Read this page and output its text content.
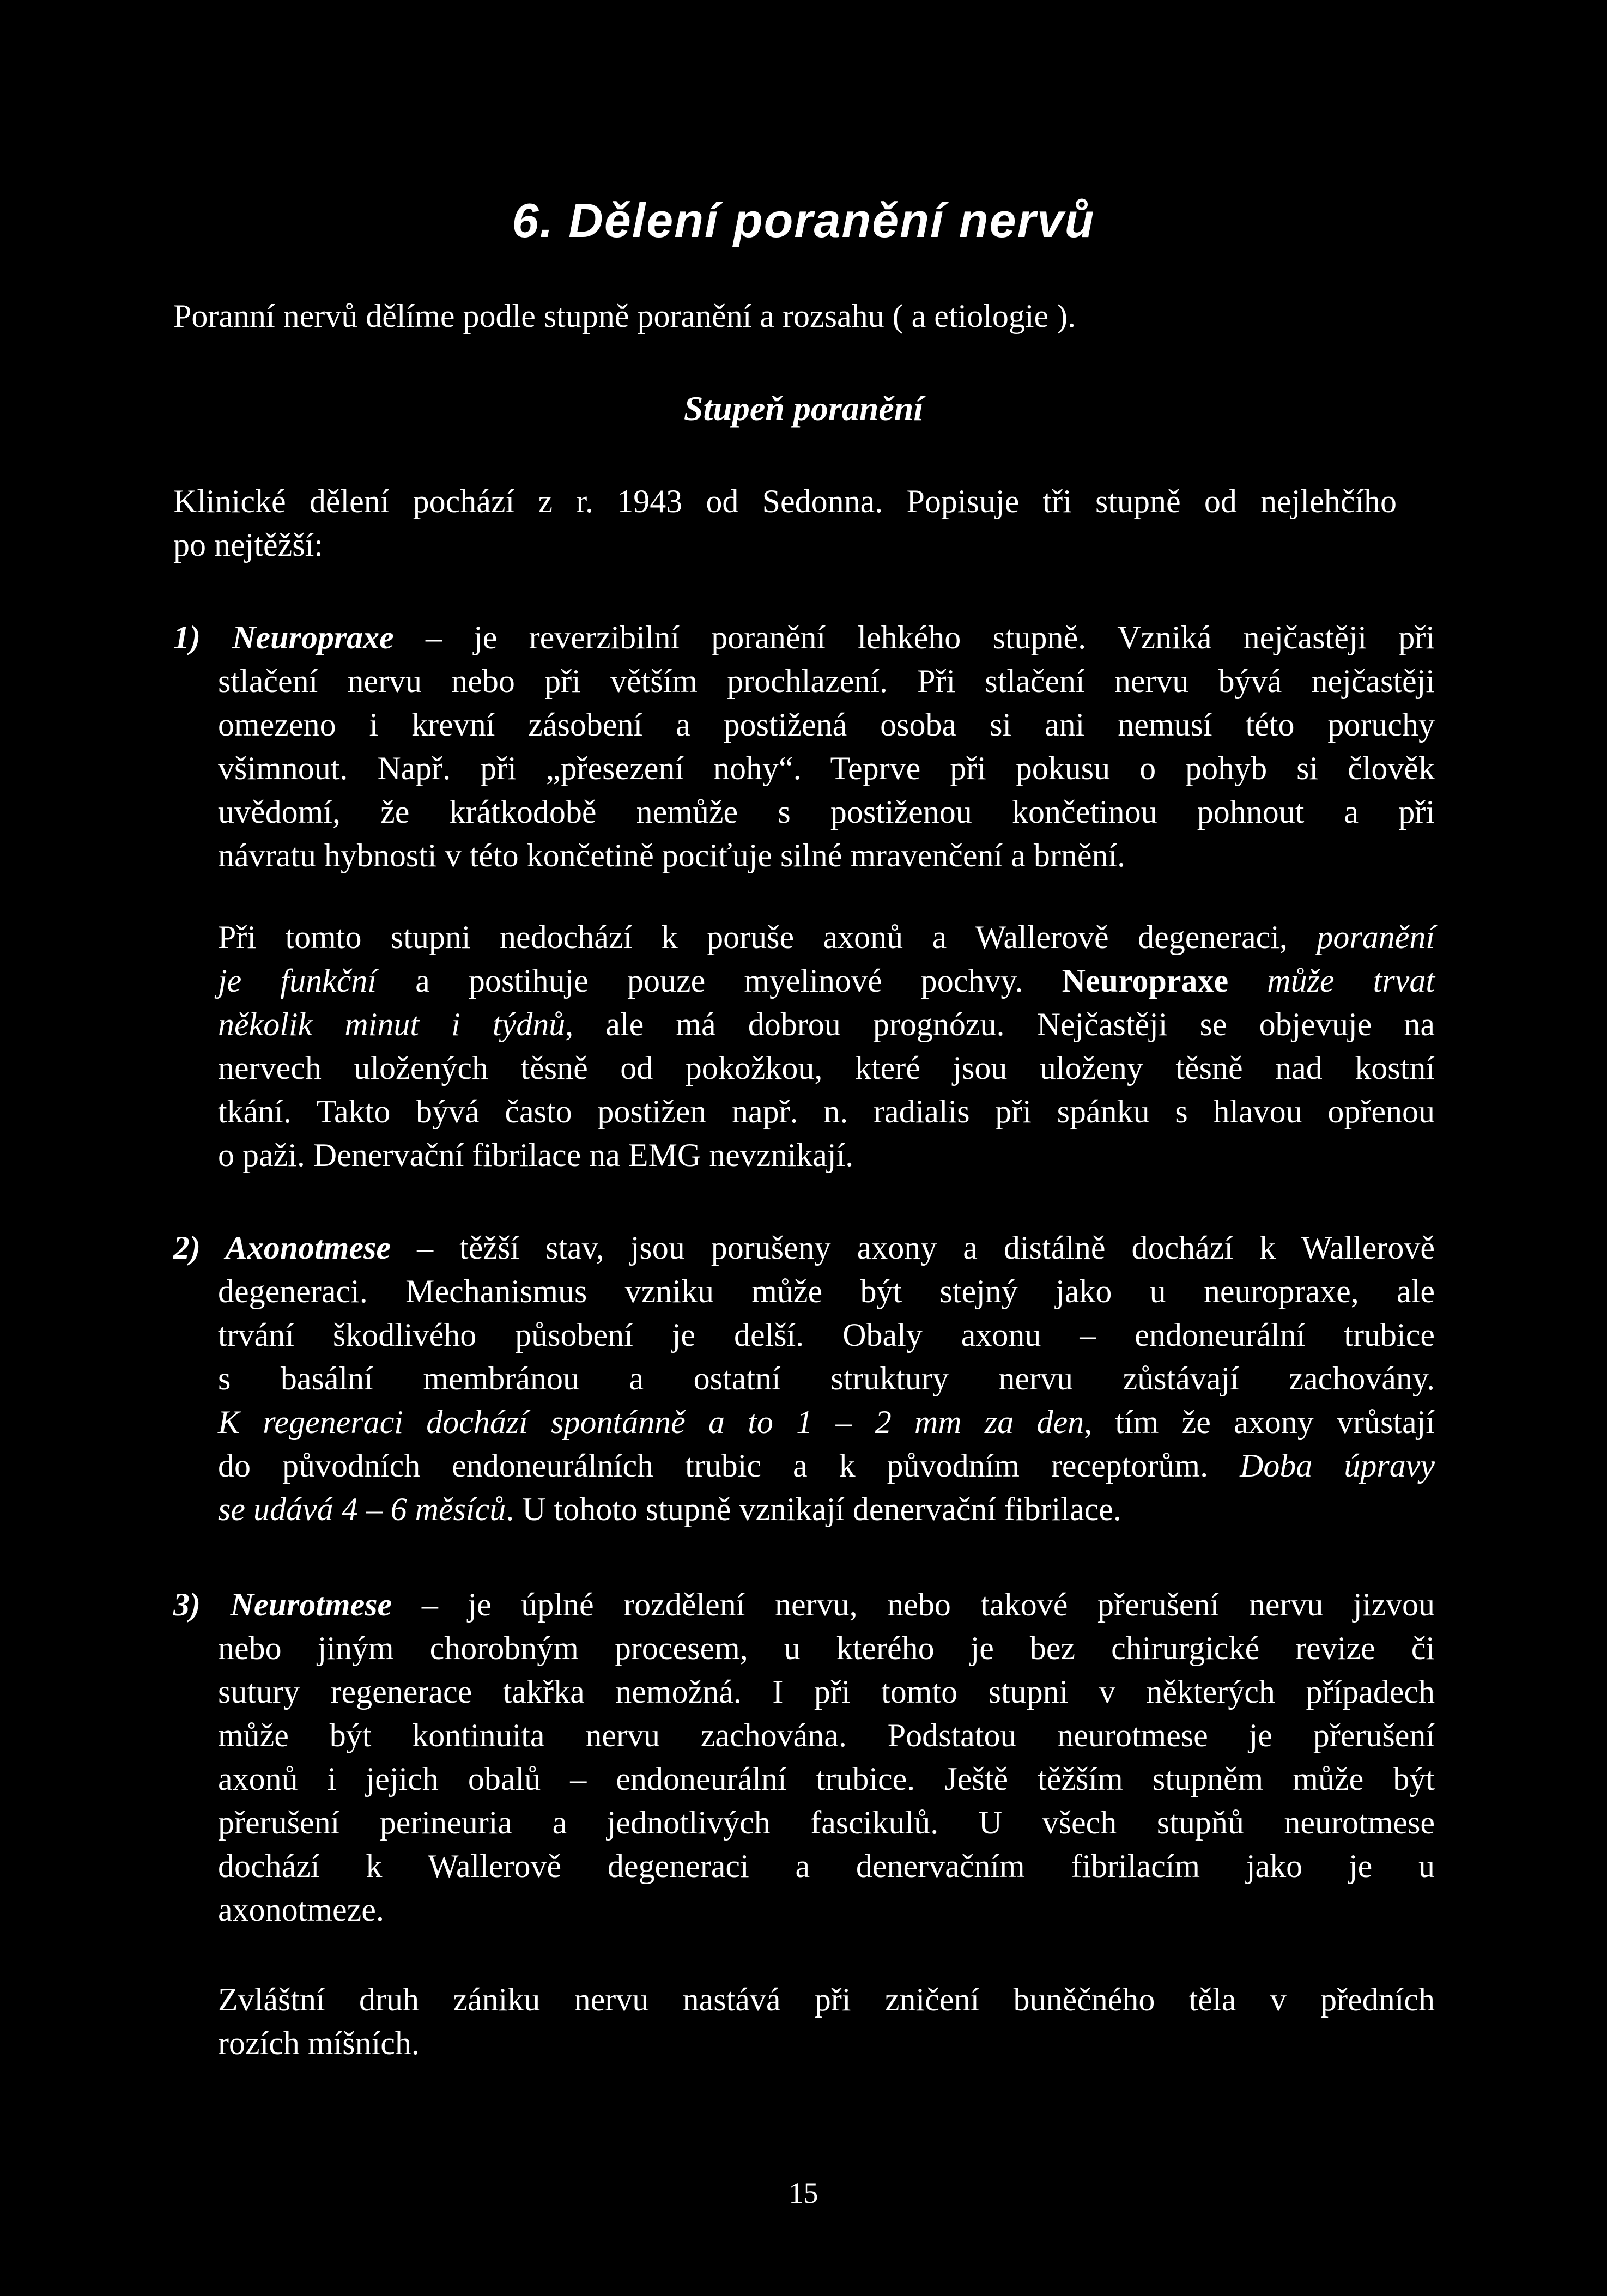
6. Dělení poranění nervů
Poranní nervů dělíme podle stupně poranění a rozsahu ( a etiologie ).
Stupeň poranění
Klinické dělení pochází z r. 1943 od Sedonna. Popisuje tři stupně od nejlehčího
po nejtěžší:
1) Neuropraxe – je reverzibilní poranění lehkého stupně. Vzniká nejčastěji při
stlačení nervu nebo při větším prochlazení. Při stlačení nervu bývá nejčastěji
omezeno i krevní zásobení a postižená osoba si ani nemusí této poruchy
všimnout. Např. při „přesezení nohy“. Teprve při pokusu o pohyb si člověk
uvědomí, že krátkodobě nemůže s postiženou končetinou pohnout a při
návratu hybnosti v této končetině pociťuje silné mravenčení a brnění.
Při tomto stupni nedochází k poruše axonů a Wallerově degeneraci, poranění
je funkční a postihuje pouze myelinové pochvy. Neuropraxe může trvat
několik minut i týdnů, ale má dobrou prognózu. Nejčastěji se objevuje na
nervech uložených těsně od pokožkou, které jsou uloženy těsně nad kostní
tkání. Takto bývá často postižen např. n. radialis při spánku s hlavou opřenou
o paži. Denervační fibrilace na EMG nevznikají.
2) Axonotmese – těžší stav, jsou porušeny axony a distálně dochází k Wallerově
degeneraci. Mechanismus vzniku může být stejný jako u neuropraxe, ale
trvání škodlivého působení je delší. Obaly axonu – endoneurální trubice
s basální membránou a ostatní struktury nervu zůstávají zachovány.
K regeneraci dochází spontánně a to 1 – 2 mm za den, tím že axony vrůstají
do původních endoneurálních trubic a k původním receptorům. Doba úpravy
se udává 4 – 6 měsíců. U tohoto stupně vznikají denervační fibrilace.
3) Neurotmese – je úplné rozdělení nervu, nebo takové přerušení nervu jizvou
nebo jiným chorobným procesem, u kterého je bez chirurgické revize či
sutury regenerace takřka nemožná. I při tomto stupni v některých případech
může být kontinuita nervu zachována. Podstatou neurotmese je přerušení
axonů i jejich obalů – endoneurální trubice. Ještě těžším stupněm může být
přerušení perineuria a jednotlivých fascikulů. U všech stupňů neurotmese
dochází k Wallerově degeneraci a denervačním fibrilacím jako je u
axonotmeze.
Zvláštní druh zániku nervu nastává při zničení buněčného těla v předních
rozích míšních.
15
